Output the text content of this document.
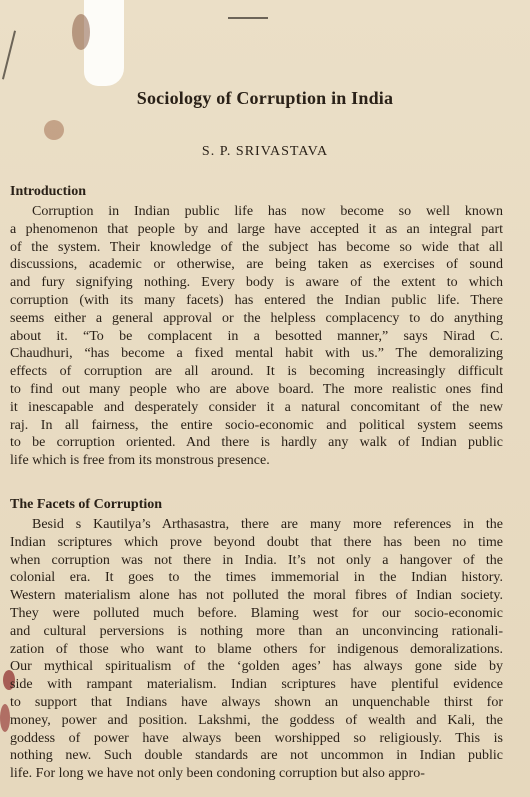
Sociology of Corruption in India
S. P. SRIVASTAVA
Introduction
Corruption in Indian public life has now become so well known
a phenomenon that people by and large have accepted it as an integral part
of the system. Their knowledge of the subject has become so wide that all
discussions, academic or otherwise, are being taken as exercises of sound
and fury signifying nothing. Every body is aware of the extent to which
corruption (with its many facets) has entered the Indian public life. There
seems either a general approval or the helpless complacency to do anything
about it. “To be complacent in a besotted manner,” says Nirad C.
Chaudhuri, “has become a fixed mental habit with us.” The demoralizing
effects of corruption are all around. It is becoming increasingly difficult
to find out many people who are above board. The more realistic ones find
it inescapable and desperately consider it a natural concomitant of the new
raj. In all fairness, the entire socio-economic and political system seems
to be corruption oriented. And there is hardly any walk of Indian public
life which is free from its monstrous presence.
The Facets of Corruption
Besid s Kautilya’s Arthasastra, there are many more references in the
Indian scriptures which prove beyond doubt that there has been no time
when corruption was not there in India. It’s not only a hangover of the
colonial era. It goes to the times immemorial in the Indian history.
Western materialism alone has not polluted the moral fibres of Indian society.
They were polluted much before. Blaming west for our socio-economic
and cultural perversions is nothing more than an unconvincing rationali-
zation of those who want to blame others for indigenous demoralizations.
Our mythical spiritualism of the ‘golden ages’ has always gone side by
side with rampant materialism. Indian scriptures have plentiful evidence
to support that Indians have always shown an unquenchable thirst for
money, power and position. Lakshmi, the goddess of wealth and Kali, the
goddess of power have always been worshipped so religiously. This is
nothing new. Such double standards are not uncommon in Indian public
life. For long we have not only been condoning corruption but also appro-
